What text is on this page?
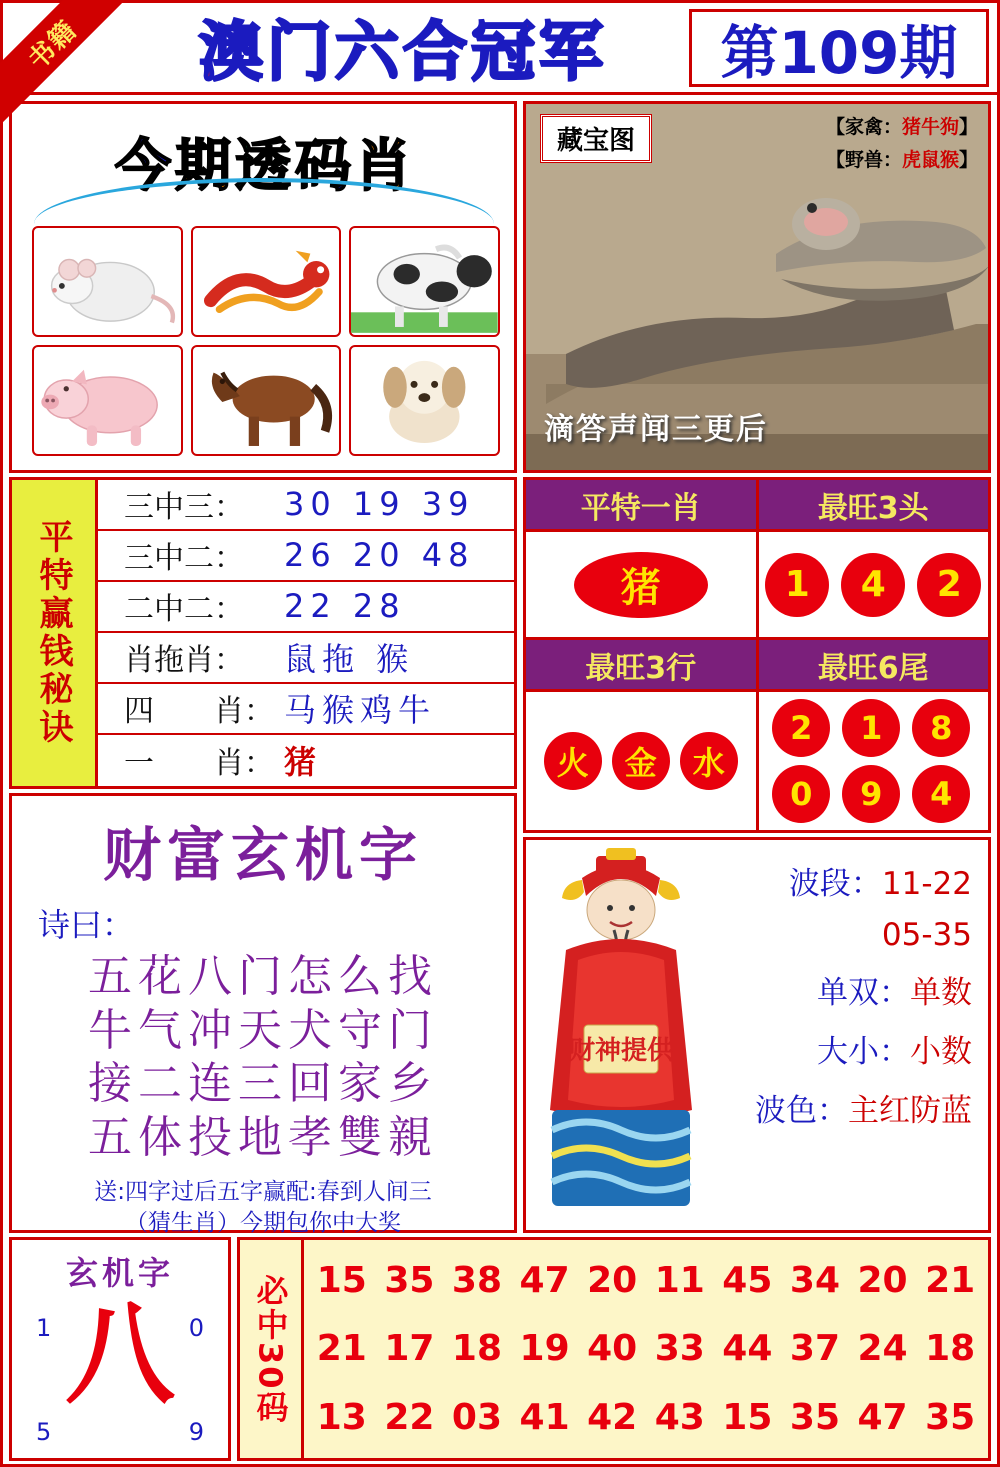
书籍	澳门六合冠军	第109期
今 期 透 码 肖	藏宝图	【家禽：猪牛狗】
【野兽：虎鼠猴】
滴答声闻三更后
平特赢钱秘诀
三中三：	30 19 39
三中二：	26 20 48
二中二：	22 28
肖拖肖：	鼠拖 猴
四　　肖： 马猴鸡牛
一　　肖： 猪
平特一肖	最旺3头
猪	1	4	2
最旺3行	最旺6尾
火	金	水
2	1	8
0	9	4
财富玄机字
诗曰：
五花八门怎么找
牛气冲天犬守门
接二连三回家乡
五体投地孝雙親
送:四字过后五字赢配:春到人间三
（猜生肖）今期包你中大奖
财神提供
波段：11-22
05-35
单双：单数
大小：小数
波色：主红防蓝
玄机字
八
1	0
5	9
必中30码 15 35 38 47 20 11 45 34 20 21
21 17 18 19 40 33 44 37 24 18
13 22 03 41 42 43 15 35 47 35
